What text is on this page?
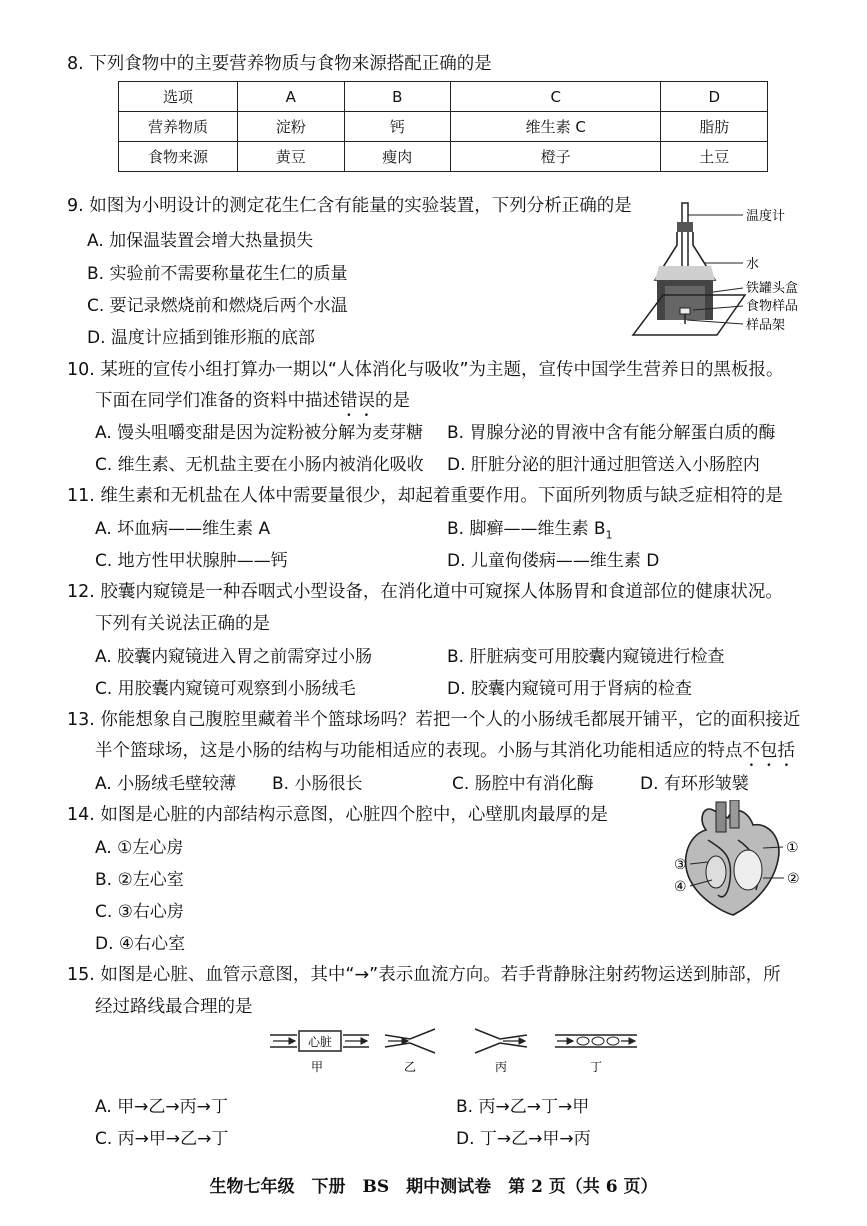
8. 下列食物中的主要营养物质与食物来源搭配正确的是
选项	A	B	C	D
营养物质	淀粉	钙	维生素 C	脂肪
食物来源	黄豆	瘦肉	橙子	土豆
9. 如图为小明设计的测定花生仁含有能量的实验装置，下列分析正确的是
A. 加保温装置会增大热量损失
B. 实验前不需要称量花生仁的质量
C. 要记录燃烧前和燃烧后两个水温
D. 温度计应插到锥形瓶的底部
温度计
水
铁罐头盒
食物样品
样品架
10. 某班的宣传小组打算办一期以“人体消化与吸收”为主题，宣传中国学生营养日的黑板报。
下面在同学们准备的资料中描述错误的是
A. 馒头咀嚼变甜是因为淀粉被分解为麦芽糖 B. 胃腺分泌的胃液中含有能分解蛋白质的酶
C. 维生素、无机盐主要在小肠内被消化吸收 D. 肝脏分泌的胆汁通过胆管送入小肠腔内
11. 维生素和无机盐在人体中需要量很少，却起着重要作用。下面所列物质与缺乏症相符的是
A. 坏血病——维生素 A	B. 脚癣——维生素 $B_1$
C. 地方性甲状腺肿——钙	D. 儿童佝偻病——维生素 D
12. 胶囊内窥镜是一种吞咽式小型设备，在消化道中可窥探人体肠胃和食道部位的健康状况。
下列有关说法正确的是
A. 胶囊内窥镜进入胃之前需穿过小肠	B. 肝脏病变可用胶囊内窥镜进行检查
C. 用胶囊内窥镜可观察到小肠绒毛	D. 胶囊内窥镜可用于肾病的检查
13. 你能想象自己腹腔里藏着半个篮球场吗？若把一个人的小肠绒毛都展开铺平，它的面积接近
半个篮球场，这是小肠的结构与功能相适应的表现。小肠与其消化功能相适应的特点不包括
A. 小肠绒毛壁较薄 B. 小肠很长	C. 肠腔中有消化酶	D. 有环形皱襞
14. 如图是心脏的内部结构示意图，心脏四个腔中，心壁肌肉最厚的是
A. ①左心房
B. ②左心室
C. ③右心房
D. ④右心室
①
②
③
④
15. 如图是心脏、血管示意图，其中“→”表示血流方向。若手背静脉注射药物运送到肺部，所
经过路线最合理的是
心脏
甲	乙	丙	丁
A. 甲→乙→丙→丁	B. 丙→乙→丁→甲
C. 丙→甲→乙→丁	D. 丁→乙→甲→丙
生物七年级　下册　BS　期中测试卷　第 2 页（共 6 页）
